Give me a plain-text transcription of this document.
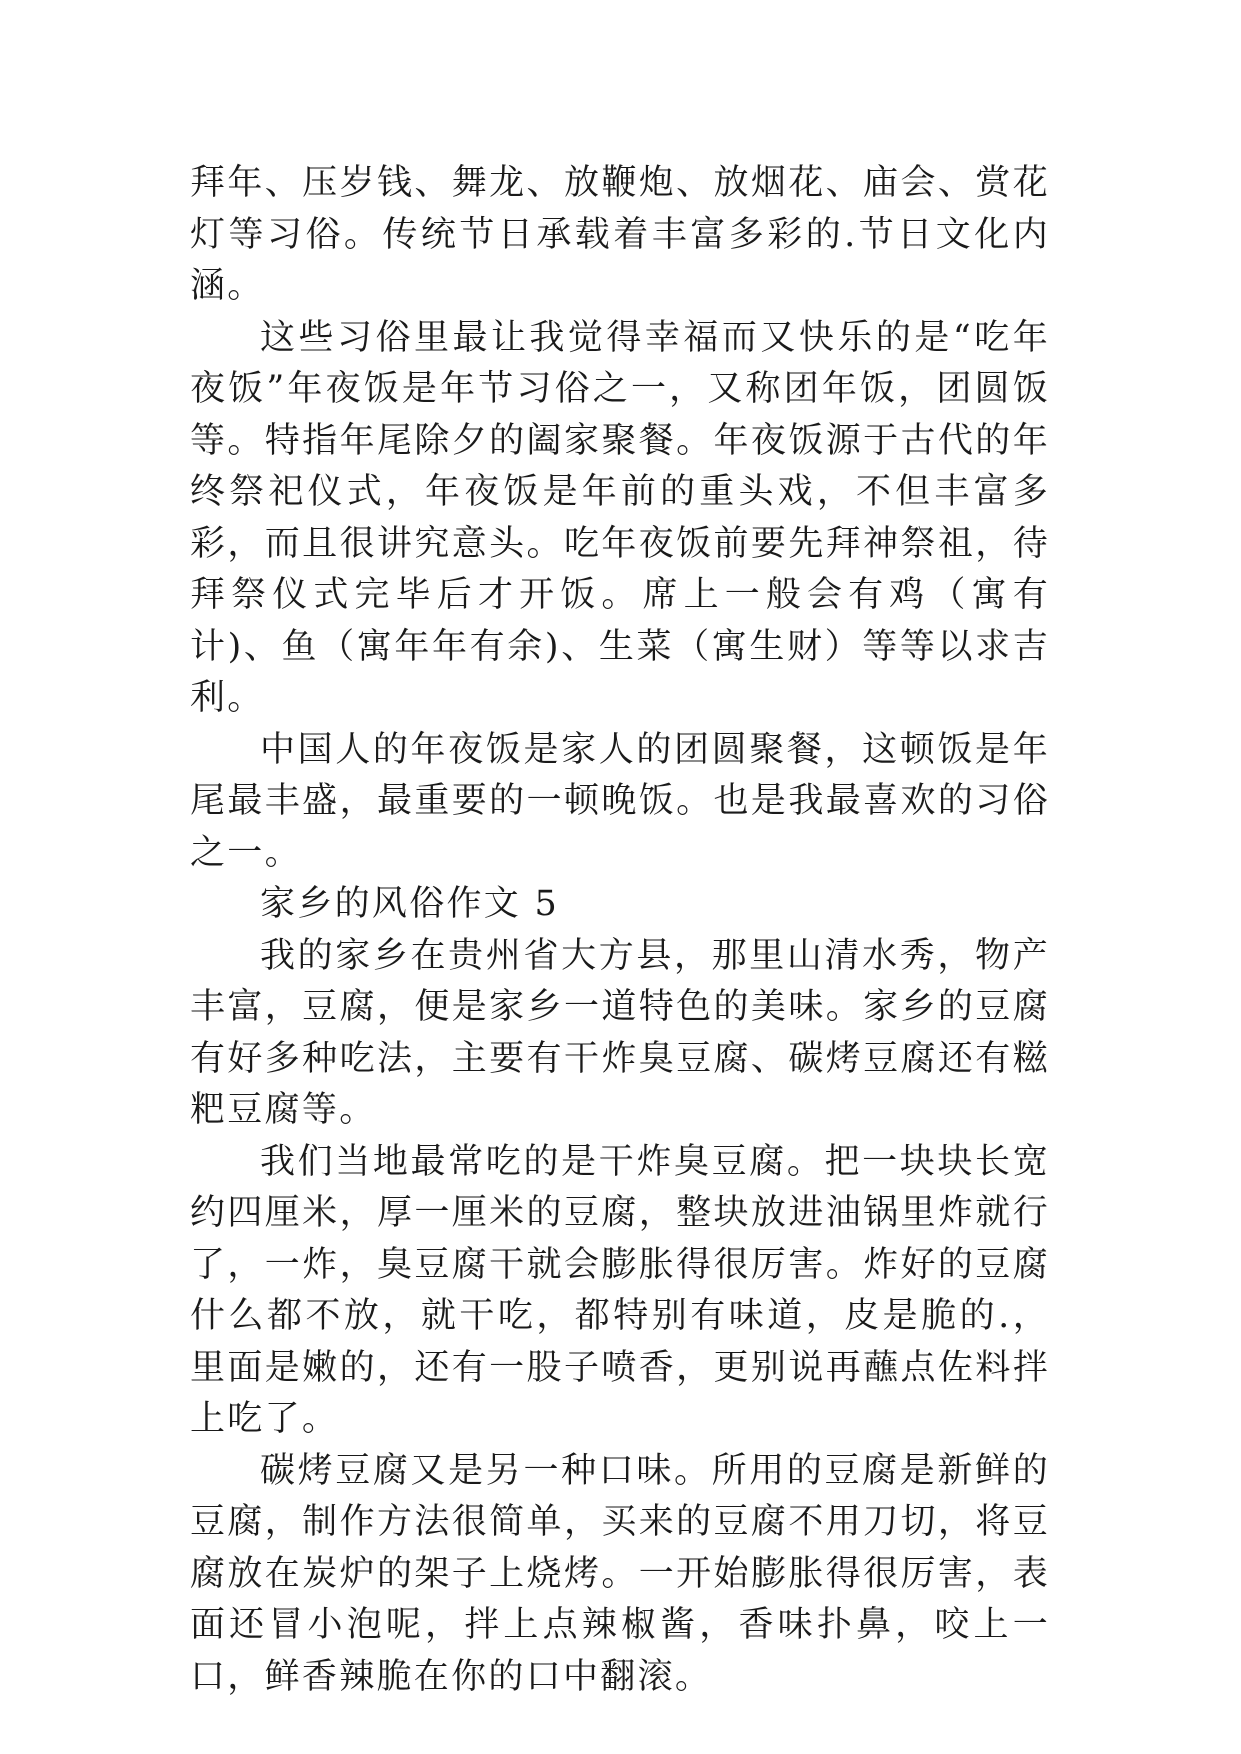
拜年、压岁钱、舞龙、放鞭炮、放烟花、庙会、赏花灯等习俗。传统节日承载着丰富多彩的.节日文化内涵。

这些习俗里最让我觉得幸福而又快乐的是“吃年夜饭”年夜饭是年节习俗之一，又称团年饭，团圆饭等。特指年尾除夕的阖家聚餐。年夜饭源于古代的年终祭祀仪式，年夜饭是年前的重头戏，不但丰富多彩，而且很讲究意头。吃年夜饭前要先拜神祭祖，待拜祭仪式完毕后才开饭。席上一般会有鸡（寓有计)、鱼（寓年年有余)、生菜（寓生财）等等以求吉利。

中国人的年夜饭是家人的团圆聚餐，这顿饭是年尾最丰盛，最重要的一顿晚饭。也是我最喜欢的习俗之一。

家乡的风俗作文 5

我的家乡在贵州省大方县，那里山清水秀，物产丰富，豆腐，便是家乡一道特色的美味。家乡的豆腐有好多种吃法，主要有干炸臭豆腐、碳烤豆腐还有糍粑豆腐等。

我们当地最常吃的是干炸臭豆腐。把一块块长宽约四厘米，厚一厘米的豆腐，整块放进油锅里炸就行了，一炸，臭豆腐干就会膨胀得很厉害。炸好的豆腐什么都不放，就干吃，都特别有味道，皮是脆的.，里面是嫩的，还有一股子喷香，更别说再蘸点佐料拌上吃了。

碳烤豆腐又是另一种口味。所用的豆腐是新鲜的豆腐，制作方法很简单，买来的豆腐不用刀切，将豆腐放在炭炉的架子上烧烤。一开始膨胀得很厉害，表面还冒小泡呢，拌上点辣椒酱，香味扑鼻，咬上一口，鲜香辣脆在你的口中翻滚。
